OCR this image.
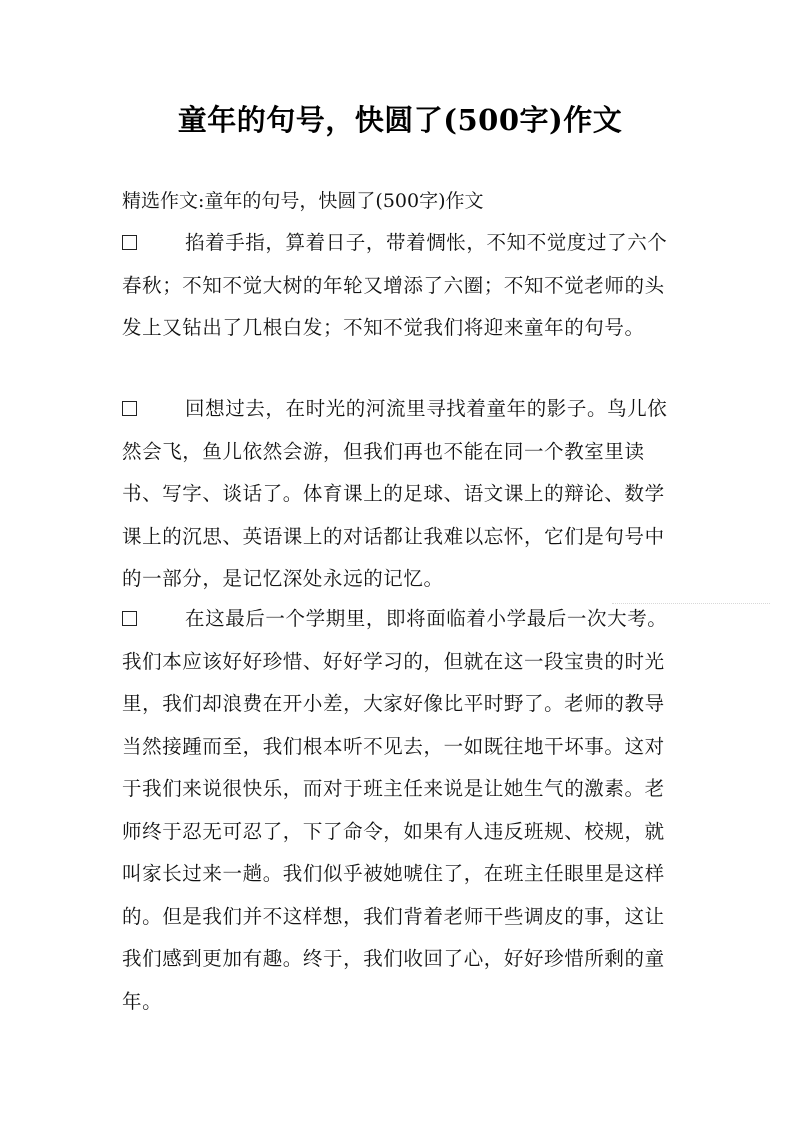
童年的句号，快圆了(500字)作文
精选作文:童年的句号，快圆了(500字)作文
掐着手指，算着日子，带着惆怅，不知不觉度过了六个春秋；不知不觉大树的年轮又增添了六圈；不知不觉老师的头发上又钻出了几根白发；不知不觉我们将迎来童年的句号。
回想过去，在时光的河流里寻找着童年的影子。鸟儿依然会飞，鱼儿依然会游，但我们再也不能在同一个教室里读书、写字、谈话了。体育课上的足球、语文课上的辩论、数学课上的沉思、英语课上的对话都让我难以忘怀，它们是句号中的一部分，是记忆深处永远的记忆。
在这最后一个学期里，即将面临着小学最后一次大考。我们本应该好好珍惜、好好学习的，但就在这一段宝贵的时光里，我们却浪费在开小差，大家好像比平时野了。老师的教导当然接踵而至，我们根本听不见去，一如既往地干坏事。这对于我们来说很快乐，而对于班主任来说是让她生气的激素。老师终于忍无可忍了，下了命令，如果有人违反班规、校规，就叫家长过来一趟。我们似乎被她唬住了，在班主任眼里是这样的。但是我们并不这样想，我们背着老师干些调皮的事，这让我们感到更加有趣。终于，我们收回了心，好好珍惜所剩的童年。
